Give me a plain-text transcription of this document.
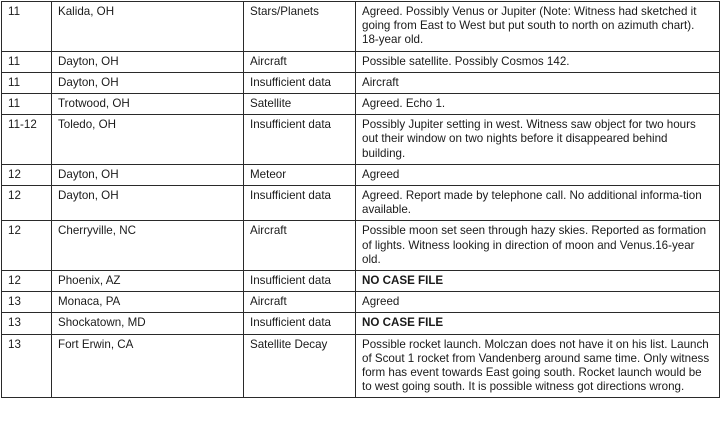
11	Kalida, OH	Stars/Planets	Agreed. Possibly Venus or Jupiter (Note: Witness had sketched it going from East to West but put south to north on azimuth chart). 18-year old.
11	Dayton, OH	Aircraft	Possible satellite. Possibly Cosmos 142.
11	Dayton, OH	Insufficient data	Aircraft
11	Trotwood, OH	Satellite	Agreed. Echo 1.
11-12	Toledo, OH	Insufficient data	Possibly Jupiter setting in west. Witness saw object for two hours out their window on two nights before it disappeared behind building.
12	Dayton, OH	Meteor	Agreed
12	Dayton, OH	Insufficient data	Agreed. Report made by telephone call. No additional informa-tion available.
12	Cherryville, NC	Aircraft	Possible moon set seen through hazy skies. Reported as formation of lights. Witness looking in direction of moon and Venus.16-year old.
12	Phoenix, AZ	Insufficient data	NO CASE FILE
13	Monaca, PA	Aircraft	Agreed
13	Shockatown, MD	Insufficient data	NO CASE FILE
13	Fort Erwin, CA	Satellite Decay	Possible rocket launch. Molczan does not have it on his list. Launch of Scout 1 rocket from Vandenberg around same time. Only witness form has event towards East going south. Rocket launch would be to west going south. It is possible witness got directions wrong.
